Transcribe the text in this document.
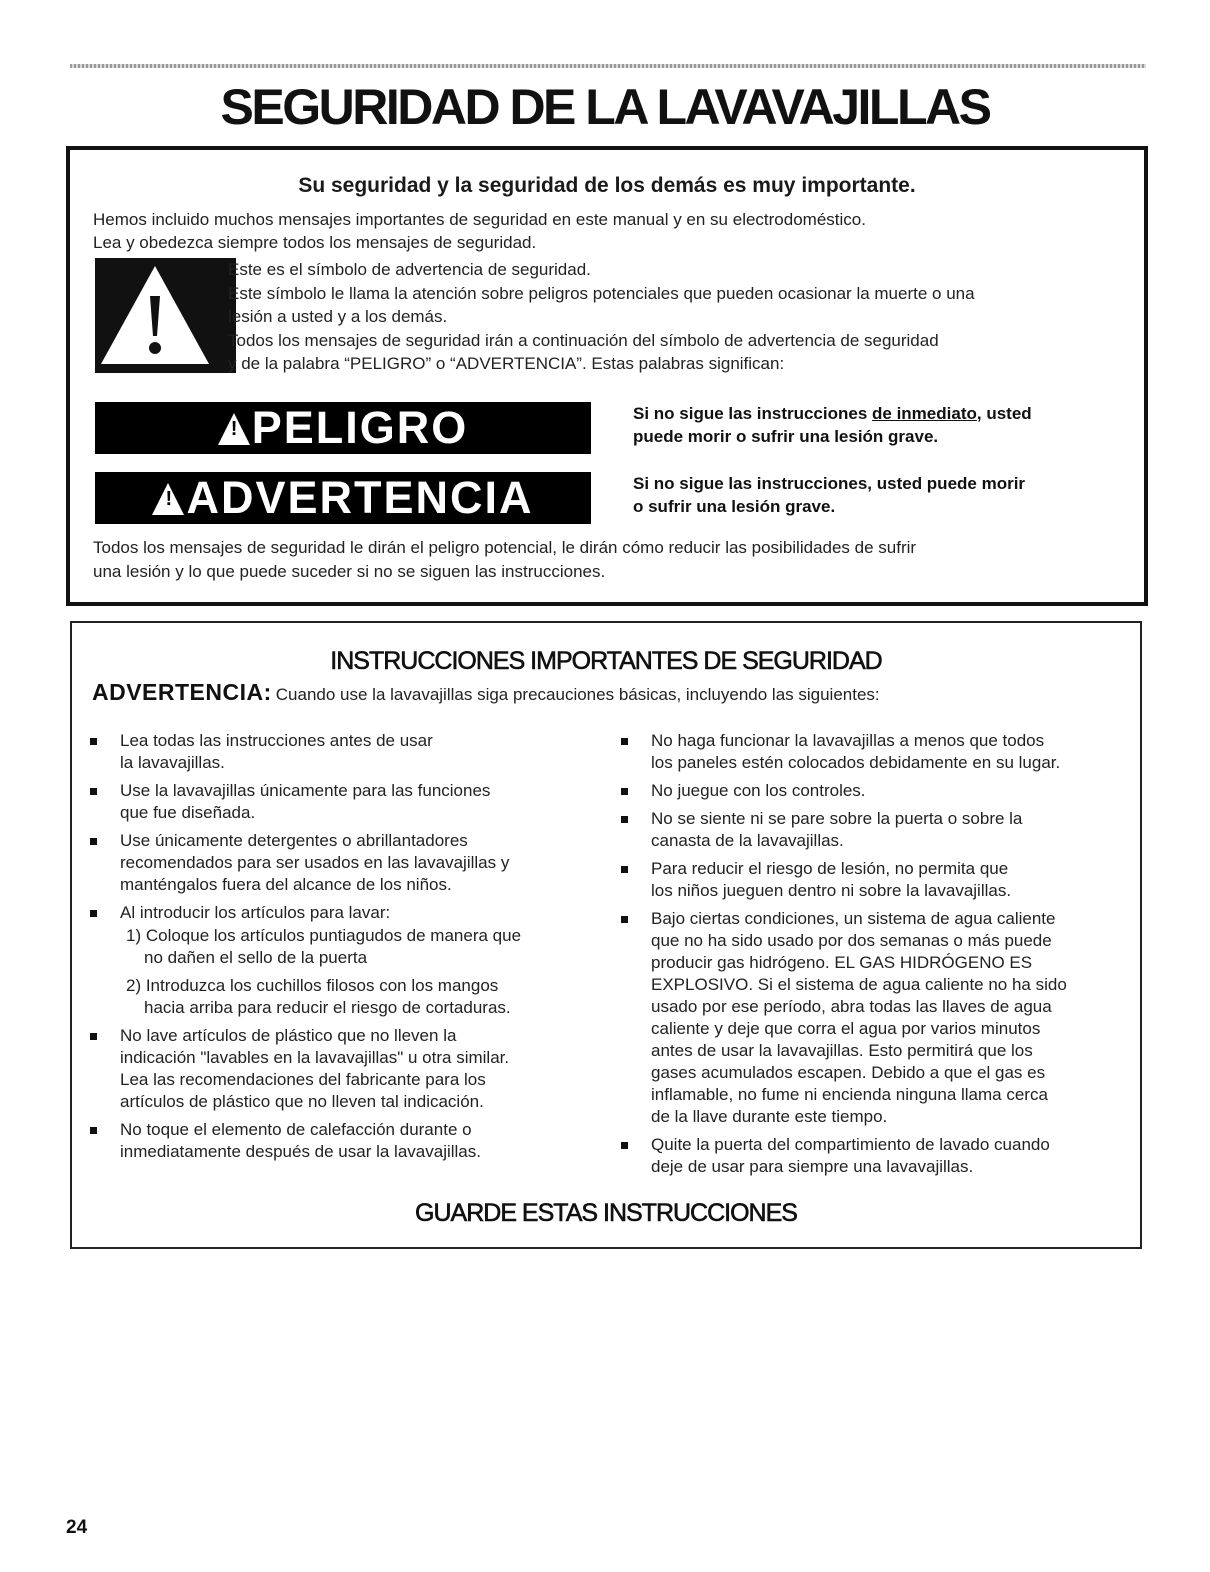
SEGURIDAD DE LA LAVAVAJILLAS
Su seguridad y la seguridad de los demás es muy importante.
Hemos incluido muchos mensajes importantes de seguridad en este manual y en su electrodoméstico.
Lea y obedezca siempre todos los mensajes de seguridad.
Este es el símbolo de advertencia de seguridad.
Este símbolo le llama la atención sobre peligros potenciales que pueden ocasionar la muerte o una
lesión a usted y a los demás.
Todos los mensajes de seguridad irán a continuación del símbolo de advertencia de seguridad
y de la palabra “PELIGRO” o “ADVERTENCIA”. Estas palabras significan:
!PELIGRO	Si no sigue las instrucciones de inmediato, usted
puede morir o sufrir una lesión grave.
!ADVERTENCIA	Si no sigue las instrucciones, usted puede morir
o sufrir una lesión grave.
Todos los mensajes de seguridad le dirán el peligro potencial, le dirán cómo reducir las posibilidades de sufrir
una lesión y lo que puede suceder si no se siguen las instrucciones.
INSTRUCCIONES IMPORTANTES DE SEGURIDAD
ADVERTENCIA: Cuando use la lavavajillas siga precauciones básicas, incluyendo las siguientes:
Lea todas las instrucciones antes de usar
la lavavajillas.
Use la lavavajillas únicamente para las funciones
que fue diseñada.
Use únicamente detergentes o abrillantadores
recomendados para ser usados en las lavavajillas y
manténgalos fuera del alcance de los niños.
Al introducir los artículos para lavar:
1) Coloque los artículos puntiagudos de manera que
no dañen el sello de la puerta
2) Introduzca los cuchillos filosos con los mangos
hacia arriba para reducir el riesgo de cortaduras.
No lave artículos de plástico que no lleven la
indicación "lavables en la lavavajillas" u otra similar.
Lea las recomendaciones del fabricante para los
artículos de plástico que no lleven tal indicación.
No toque el elemento de calefacción durante o
inmediatamente después de usar la lavavajillas.
No haga funcionar la lavavajillas a menos que todos
los paneles estén colocados debidamente en su lugar.
No juegue con los controles.
No se siente ni se pare sobre la puerta o sobre la
canasta de la lavavajillas.
Para reducir el riesgo de lesión, no permita que
los niños jueguen dentro ni sobre la lavavajillas.
Bajo ciertas condiciones, un sistema de agua caliente
que no ha sido usado por dos semanas o más puede
producir gas hidrógeno. EL GAS HIDRÓGENO ES
EXPLOSIVO. Si el sistema de agua caliente no ha sido
usado por ese período, abra todas las llaves de agua
caliente y deje que corra el agua por varios minutos
antes de usar la lavavajillas. Esto permitirá que los
gases acumulados escapen. Debido a que el gas es
inflamable, no fume ni encienda ninguna llama cerca
de la llave durante este tiempo.
Quite la puerta del compartimiento de lavado cuando
deje de usar para siempre una lavavajillas.
GUARDE ESTAS INSTRUCCIONES
24
